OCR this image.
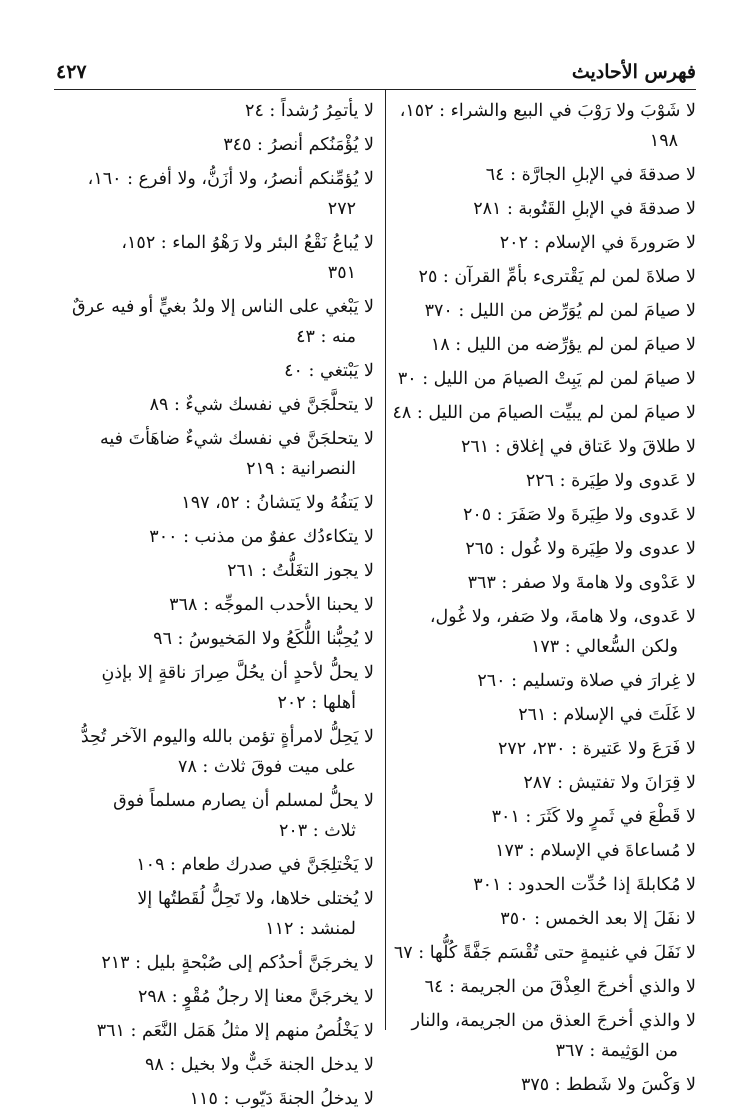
فهرس الأحاديث
٤٢٧
لا شَوْبَ ولا رَوْبَ في البيع والشراء : ١٥٢،
١٩٨
لا صدقةَ في الإبلِ الجارَّة : ٦٤
لا صدقةَ في الإبلِ القَتُوبة : ٢٨١
لا صَرورةَ في الإسلام : ٢٠٢
لا صلاةَ لمن لم يَقْترىء بأمِّ القرآن : ٢٥
لا صيامَ لمن لم يُوَرِّض من الليل : ٣٧٠
لا صيامَ لمن لم يؤرِّضه من الليل : ١٨
لا صيامَ لمن لم يَبِتْ الصيامَ من الليل : ٣٠
لا صيامَ لمن لم يبيِّت الصيامَ من الليل : ٤٨
لا طلاقَ ولا عَتاق في إغلاق : ٢٦١
لا عَدوى ولا طِيَرة : ٢٢٦
لا عَدوى ولا طِيَرةَ ولا صَفَرَ : ٢٠٥
لا عدوى ولا طِيَرة ولا غُول : ٢٦٥
لا عَدْوى ولا هامةَ ولا صفر : ٣٦٣
لا عَدوى، ولا هامةَ، ولا صَفر، ولا غُول،
ولكن السُّعالي : ١٧٣
لا غِرارَ في صلاة وتسليم : ٢٦٠
لا غَلَتَ في الإسلام : ٢٦١
لا فَرَعَ ولا عَتيرة : ٢٣٠، ٢٧٢
لا قِرَانَ ولا تفتيش : ٢٨٧
لا قَطْعَ في ثَمرٍ ولا كَثَرَ : ٣٠١
لا مُساعاةَ في الإسلام : ١٧٣
لا مُكابلةَ إذا حُدِّت الحدود : ٣٠١
لا نفَلَ إلا بعد الخمس : ٣٥٠
لا نَفَلَ في غنيمةٍ حتى تُقْسَم جَفَّةً كُلُّها : ٦٧
لا والذي أخرجَ العِذْقَ من الجريمة : ٦٤
لا والذي أخرجَ العذق من الجريمة، والنار
من الوَثِيمة : ٣٦٧
لا وَكْسَ ولا شَطط : ٣٧٥
لا يأتمِرُ رُشداً : ٢٤
لا يُؤْمَنُكم أنصرُ : ٣٤٥
لا يُؤمِّنكم أنصرُ، ولا أزَنُّ، ولا أفرع : ١٦٠،
٢٧٢
لا يُباعُ نَقْعُ البئر ولا رَهْوُ الماء : ١٥٢،
٣٥١
لا يَبْغي على الناس إلا ولدُ بغيٍّ أو فيه عرقٌ
منه : ٤٣
لا يَبْتغي : ٤٠
لا يتحلَّجَنَّ في نفسك شيءٌ : ٨٩
لا يتحلجَنَّ في نفسك شيءٌ ضاهَأتَ فيه
النصرانية : ٢١٩
لا يَتفُهُ ولا يَتشانُ : ٥٢، ١٩٧
لا يتكاءدُك عفوٌ من مذنب : ٣٠٠
لا يجوز التغَلُّتُ : ٢٦١
لا يحبنا الأحدب الموجِّه : ٣٦٨
لا يُحِبُّنا اللُّكَعُ ولا المَخيوسُ : ٩٦
لا يحلُّ لأحدٍ أن يحُلَّ صِرارَ ناقةٍ إلا بإذنِ
أهلها : ٢٠٢
لا يَحِلُّ لامرأةٍ تؤمن بالله واليوم الآخر تُحِدُّ
على ميت فوقَ ثلاث : ٧٨
لا يحلُّ لمسلم أن يصارم مسلماً فوق
ثلاث : ٢٠٣
لا يَخْتلِجَنَّ في صدرك طعام : ١٠٩
لا يُختلى خلاها، ولا تَحِلُّ لُقَطتُها إلا
لمنشد : ١١٢
لا يخرجَنَّ أحدُكم إلى صُبْحةٍ بليل : ٢١٣
لا يخرجَنَّ معنا إلا رجلٌ مُقْوٍ : ٢٩٨
لا يَخْلُصُ منهم إلا مثلُ هَمَل النَّعَم : ٣٦١
لا يدخل الجنة خَبٌّ ولا بخيل : ٩٨
لا يدخلُ الجنةَ دَيّوب : ١١٥
